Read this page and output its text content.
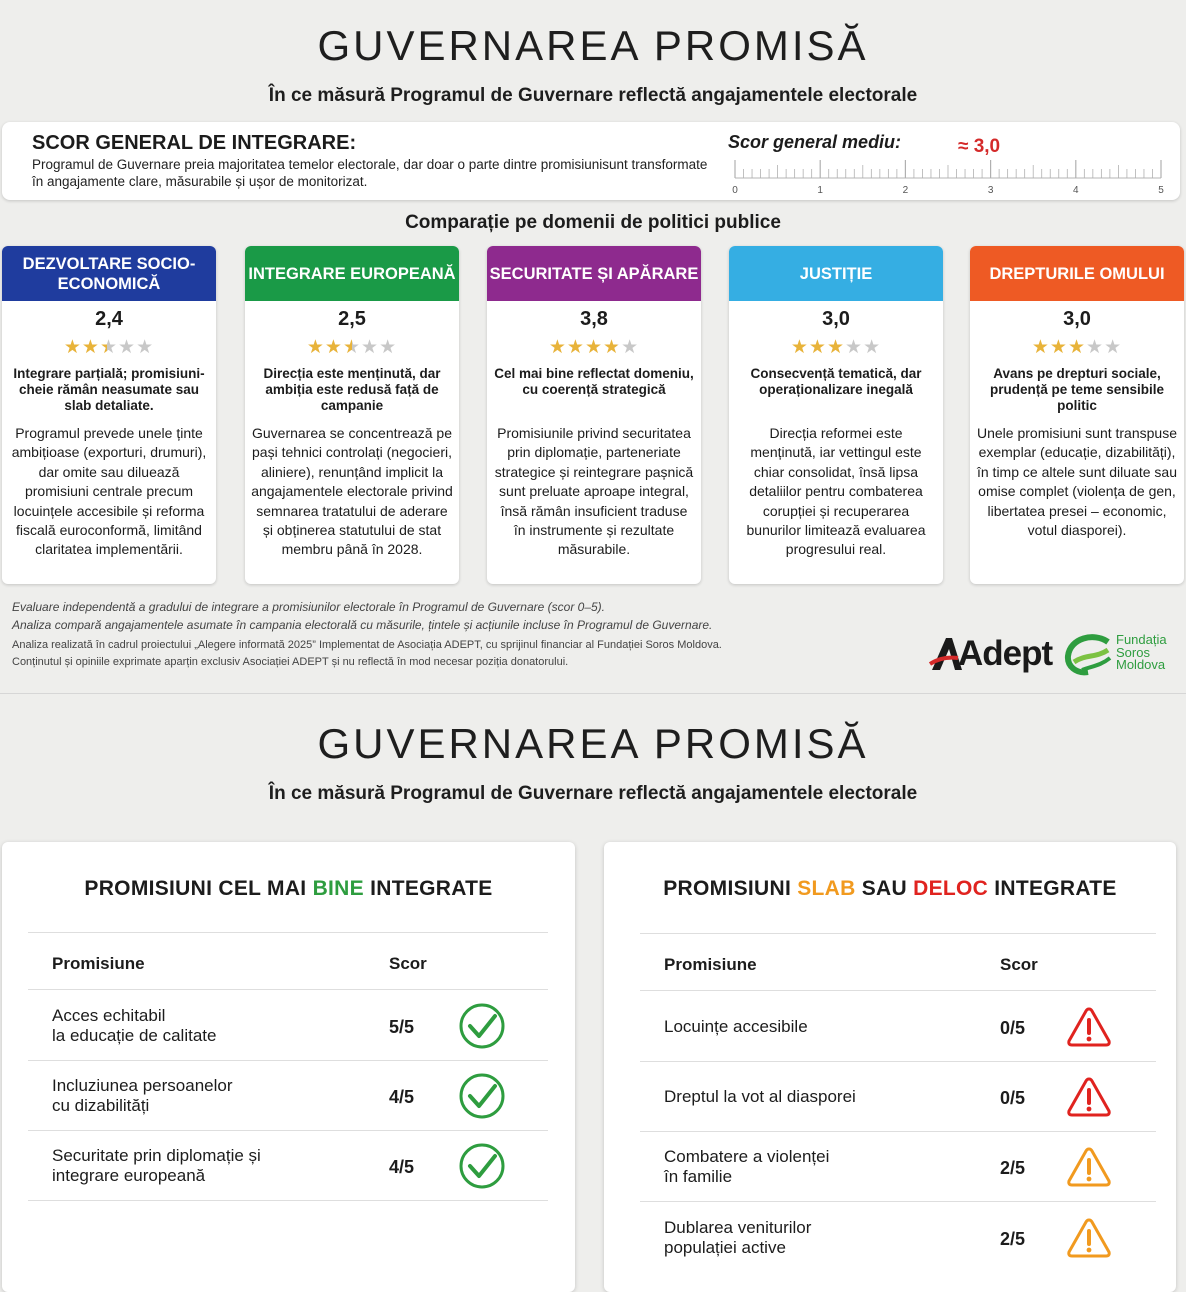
GUVERNAREA PROMISĂ
În ce măsură Programul de Guvernare reflectă angajamentele electorale
SCOR GENERAL DE INTEGRARE:
Programul de Guvernare preia majoritatea temelor electorale, dar doar o parte dintre promisiunisunt transformate în angajamente clare, măsurabile și ușor de monitorizat.
Scor general mediu:	≈ 3,0
0	1	2	3	4	5
Comparație pe domenii de politici publice
DEZVOLTARE SOCIO-ECONOMICĂ
2,4
★★★★★
Integrare parțială; promisiuni-cheie rămân neasumate sau slab detaliate.
Programul prevede unele ținte ambițioase (exporturi, drumuri), dar omite sau diluează promisiuni centrale precum locuințele accesibile și reforma fiscală euroconformă, limitând claritatea implementării.
INTEGRARE EUROPEANĂ
2,5
★★★★★
Direcția este menținută, dar ambiția este redusă față de campanie
Guvernarea se concentrează pe pași tehnici controlați (negocieri, aliniere), renunțând implicit la angajamentele electorale privind semnarea tratatului de aderare și obținerea statutului de stat membru până în 2028.
SECURITATE ȘI APĂRARE
3,8
★★★★★
Cel mai bine reflectat domeniu, cu coerență strategică
Promisiunile privind securitatea prin diplomație, parteneriate strategice și reintegrare pașnică sunt preluate aproape integral, însă rămân insuficient traduse în instrumente și rezultate măsurabile.
JUSTIȚIE
3,0
★★★★★
Consecvență tematică, dar operaționalizare inegală
Direcția reformei este menținută, iar vettingul este chiar consolidat, însă lipsa detaliilor pentru combaterea corupției și recuperarea bunurilor limitează evaluarea progresului real.
DREPTURILE OMULUI
3,0
★★★★★
Avans pe drepturi sociale, prudență pe teme sensibile politic
Unele promisiuni sunt transpuse exemplar (educație, dizabilități), în timp ce altele sunt diluate sau omise complet (violența de gen, libertatea presei – economic, votul diasporei).
Evaluare independentă a gradului de integrare a promisiunilor electorale în Programul de Guvernare (scor 0–5).
Analiza compară angajamentele asumate în campania electorală cu măsurile, țintele și acțiunile incluse în Programul de Guvernare.
Analiza realizată în cadrul proiectului „Alegere informată 2025” Implementat de Asociația ADEPT, cu sprijinul financiar al Fundației Soros Moldova.
Conținutul și opiniile exprimate aparțin exclusiv Asociației ADEPT și nu reflectă în mod necesar poziția donatorului.	Adept	Fundația
Soros
Moldova
GUVERNAREA PROMISĂ
În ce măsură Programul de Guvernare reflectă angajamentele electorale
PROMISIUNI CEL MAI BINE INTEGRATE
Promisiune	Scor
Acces echitabil
la educație de calitate	5/5
Incluziunea persoanelor
cu dizabilități	4/5
Securitate prin diplomație și
integrare europeană	4/5
PROMISIUNI SLAB SAU DELOC INTEGRATE
Promisiune	Scor
Locuințe accesibile	0/5
Dreptul la vot al diasporei	0/5
Combatere a violenței
în familie	2/5
Dublarea veniturilor
populației active	2/5
